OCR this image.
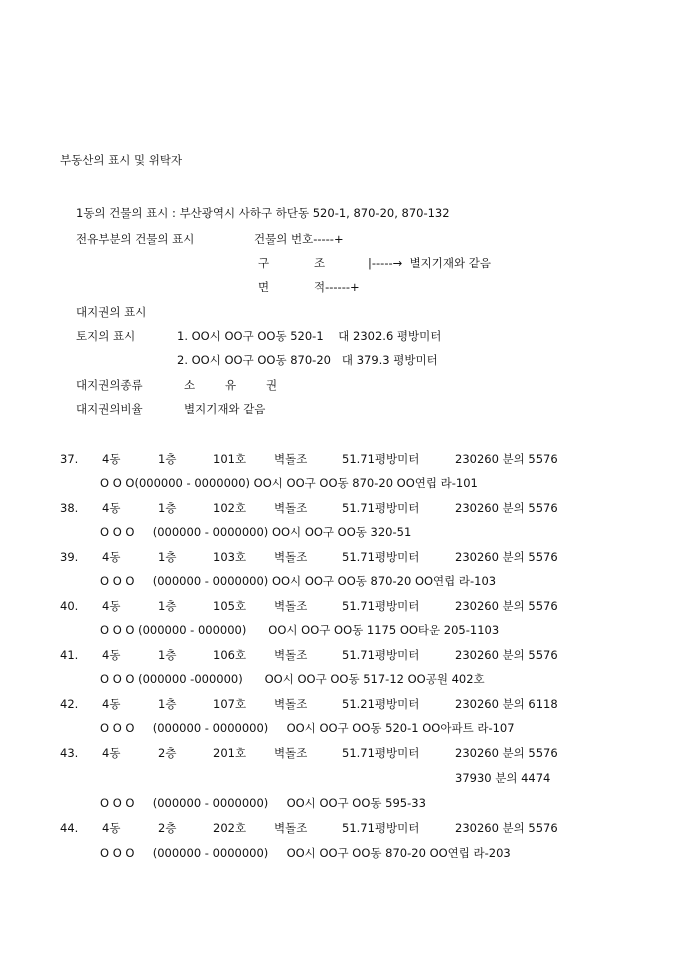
부동산의 표시 및 위탁자
1동의 건물의 표시 : 부산광역시 사하구 하단동 520-1, 870-20, 870-132
전유부분의 건물의 표시	건물의 번호-----+
구	조	|-----→  별지기재와 같음
면	적------+
대지권의 표시
토지의 표시	1. OO시 OO구 OO동 520-1    대 2302.6 평방미터
2. OO시 OO구 OO동 870-20   대 379.3 평방미터
대지권의종류	소	유	권
대지권의비율	별지기재와 같음
37. 4동	1층	101호 벽돌조	51.71평방미터	230260 분의 5576
O O O(000000 - 0000000) OO시 OO구 OO동 870-20 OO연립 라-101
38. 4동	1층	102호 벽돌조	51.71평방미터	230260 분의 5576
O O O     (000000 - 0000000) OO시 OO구 OO동 320-51
39. 4동	1층	103호 벽돌조	51.71평방미터	230260 분의 5576
O O O     (000000 - 0000000) OO시 OO구 OO동 870-20 OO연립 라-103
40. 4동	1층	105호 벽돌조	51.71평방미터	230260 분의 5576
O O O (000000 - 000000)      OO시 OO구 OO동 1175 OO타운 205-1103
41. 4동	1층	106호 벽돌조	51.71평방미터	230260 분의 5576
O O O (000000 -000000)      OO시 OO구 OO동 517-12 OO공원 402호
42. 4동	1층	107호 벽돌조	51.21평방미터	230260 분의 6118
O O O     (000000 - 0000000)     OO시 OO구 OO동 520-1 OO아파트 라-107
43. 4동	2층	201호 벽돌조	51.71평방미터	230260 분의 5576
37930 분의 4474
O O O     (000000 - 0000000)     OO시 OO구 OO동 595-33
44. 4동	2층	202호 벽돌조	51.71평방미터	230260 분의 5576
O O O     (000000 - 0000000)     OO시 OO구 OO동 870-20 OO연립 라-203
